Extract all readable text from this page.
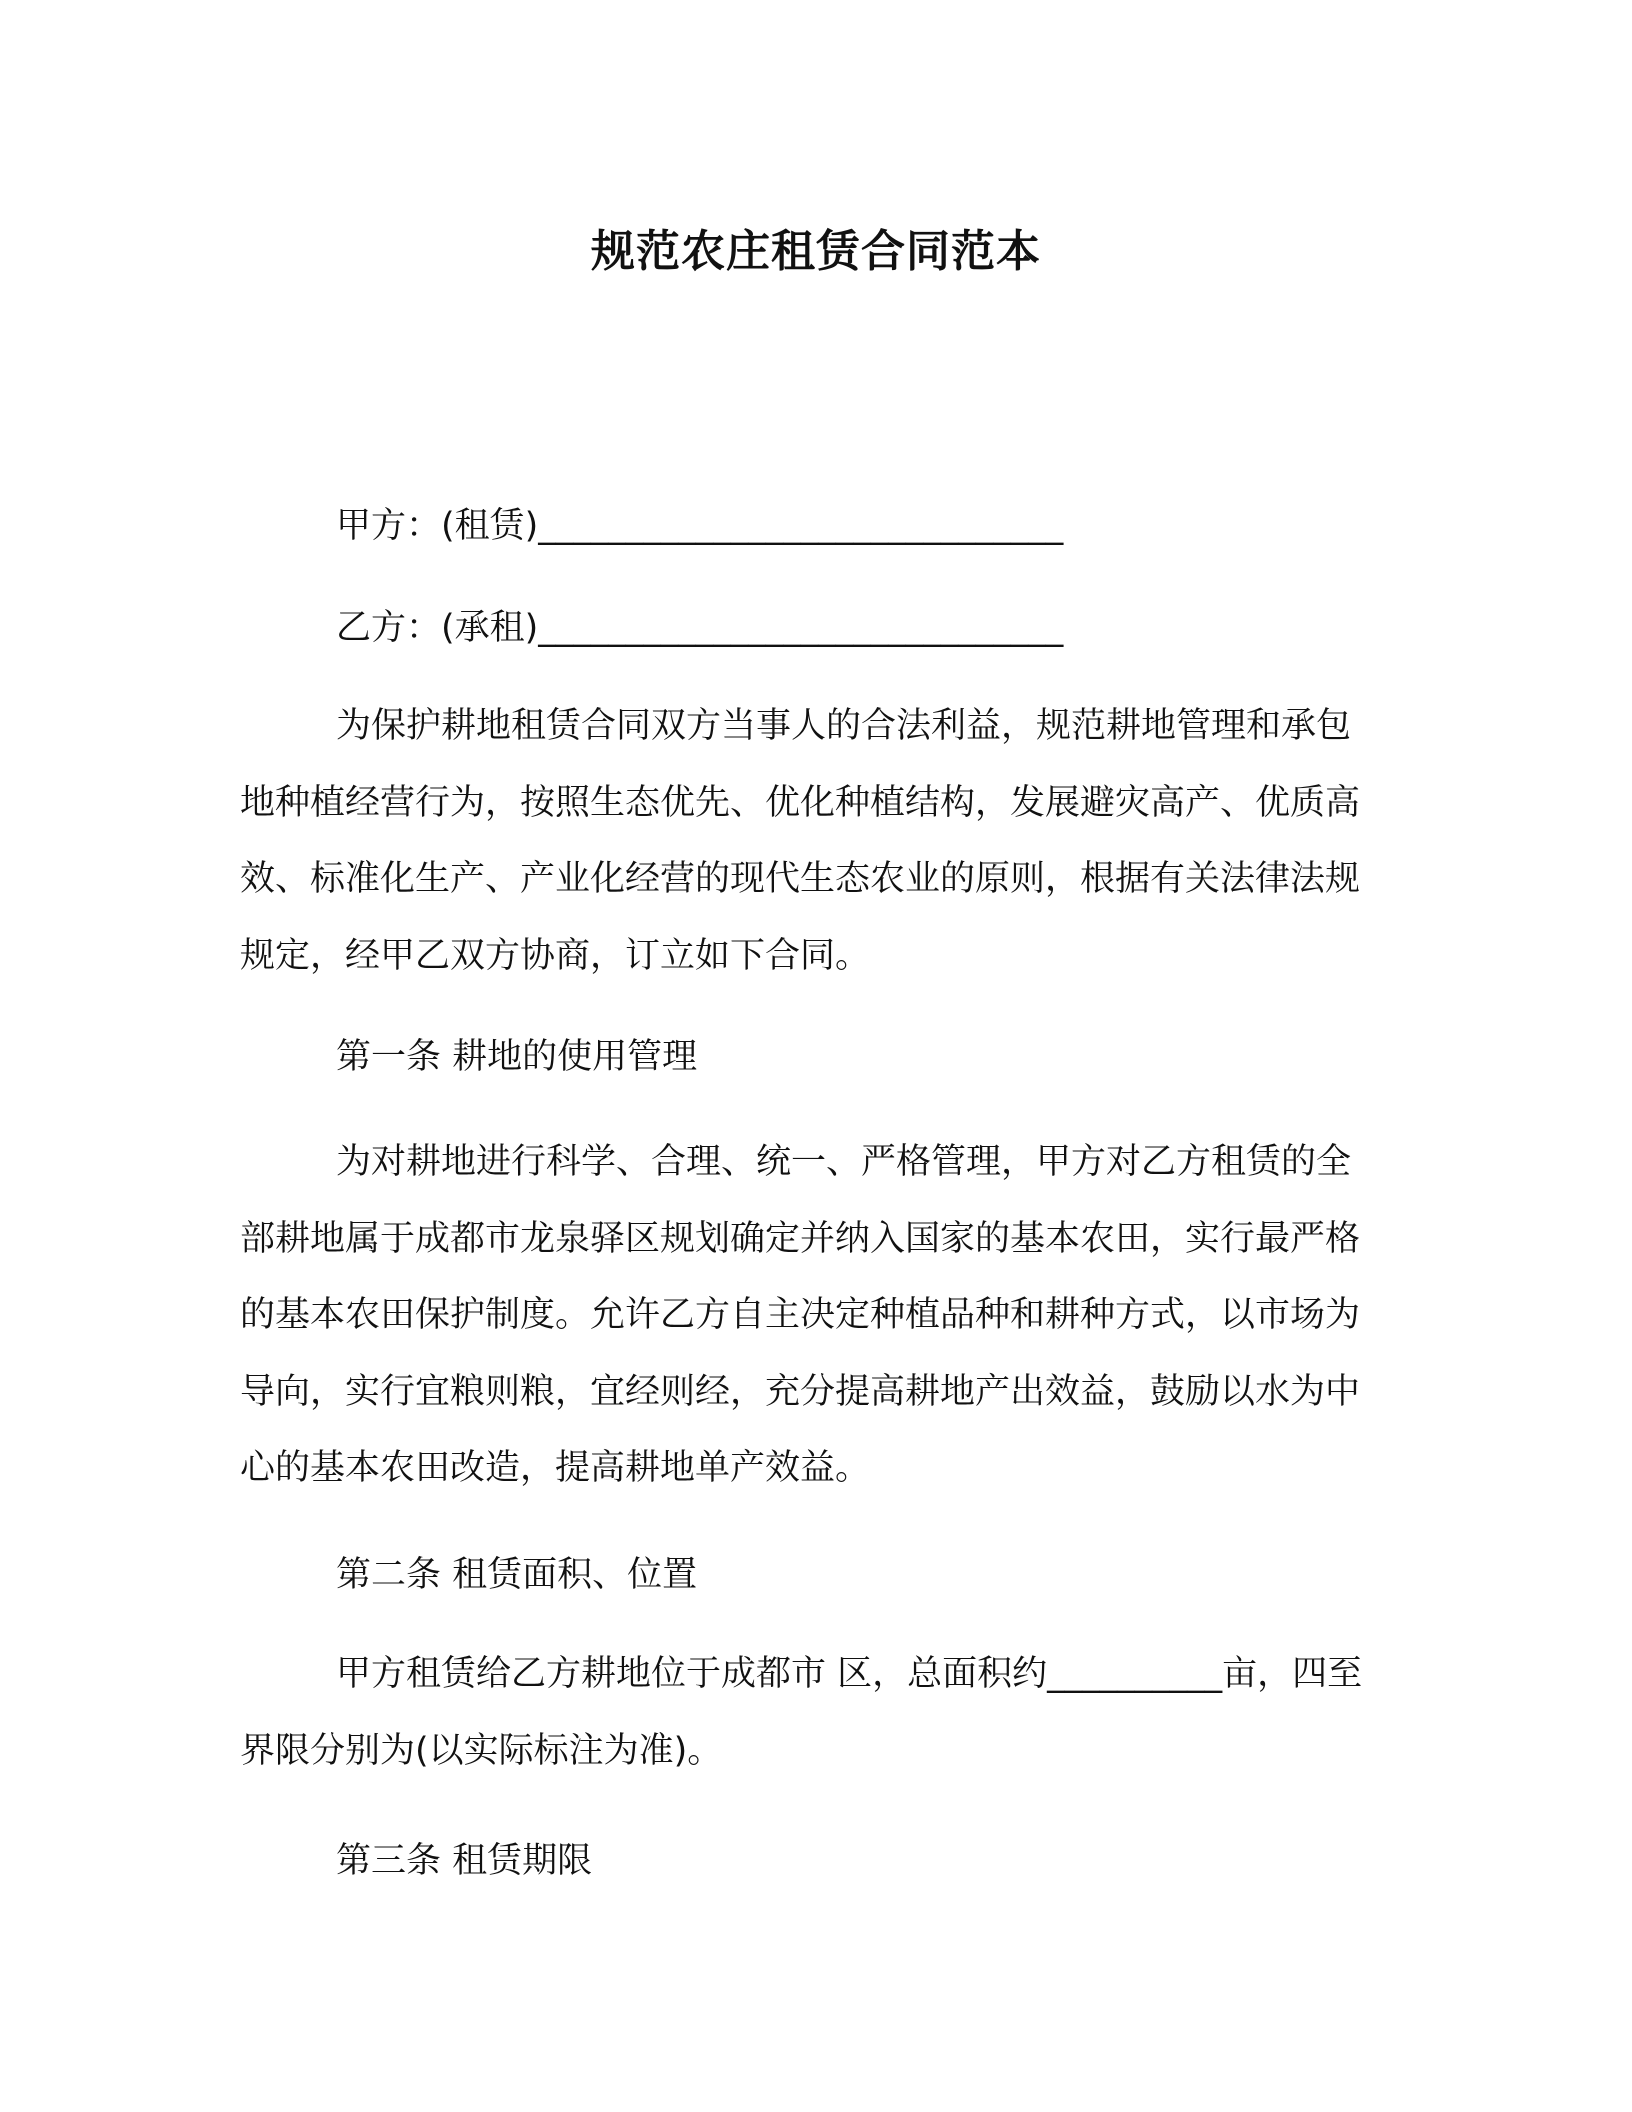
规范农庄租赁合同范本
甲方：(租赁)______________________________
乙方：(承租)______________________________
为保护耕地租赁合同双方当事人的合法利益，规范耕地管理和承包地种植经营行为，按照生态优先、优化种植结构，发展避灾高产、优质高效、标准化生产、产业化经营的现代生态农业的原则，根据有关法律法规规定，经甲乙双方协商，订立如下合同。
第一条 耕地的使用管理
为对耕地进行科学、合理、统一、严格管理，甲方对乙方租赁的全部耕地属于成都市龙泉驿区规划确定并纳入国家的基本农田，实行最严格的基本农田保护制度。允许乙方自主决定种植品种和耕种方式，以市场为导向，实行宜粮则粮，宜经则经，充分提高耕地产出效益，鼓励以水为中心的基本农田改造，提高耕地单产效益。
第二条 租赁面积、位置
甲方租赁给乙方耕地位于成都市 区，总面积约__________亩，四至界限分别为(以实际标注为准)。
第三条 租赁期限
